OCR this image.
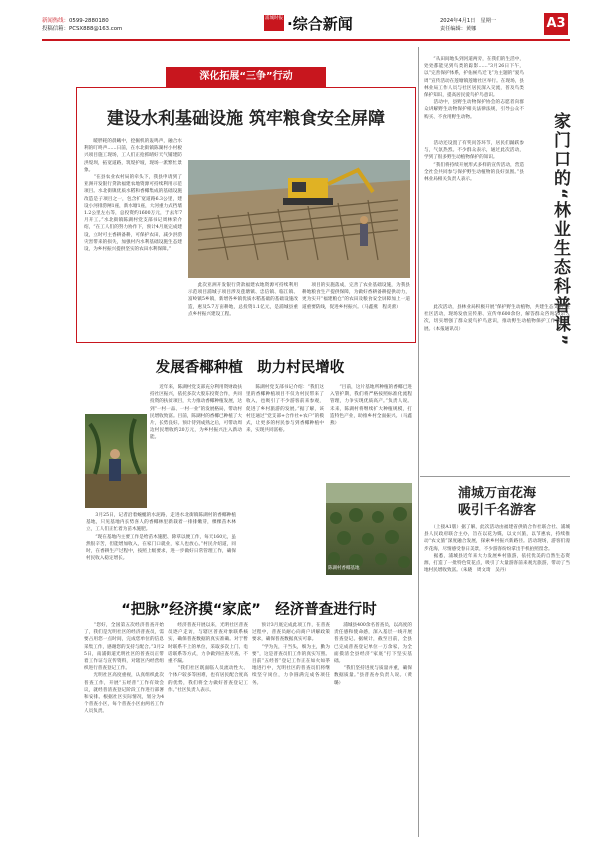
新闻热线：0599-2880180
投稿信箱：PCSX888@163.com
浦城时报 ·综合新闻	2024年4月1日　星期一
责任编辑：黄娜	A3
深化拓展“三争”行动
建设水利基础设施 筑牢粮食安全屏障
　　暖胖耗的晨曦中，挖掘机的轰鸣声，融合水利的叮咚声……日前，在水北街镇陈湖村小村板兴项目施工现场，工人们正抢抓晴好天气铺建防洪堤坝，拓宽道路，筑堤护坡，现场一派繁忙景象。
　　“在县农业农村局的牵头下，我县申请到了亚洲开发银行贷款福建农地资源可持续利用示范项目。水北街镇优质水稻和香椰集成的基础设施改造是子项目之一，包含扩宽道路6.3公里，建设小河排涝闸1座，新水塘1座，大河重力式挡墙1.2公里左右等，总投资约1600万元，于去年7月开工。”水北街镇陈湖村党支部书记周林荣介绍，“在工人们的努力协作下，预计4月底完成建设，立时可主香耕备耕，可保护农田，减少洪涝灾害带来的损失，加强村内水利基础设施生态建设，为乡村振兴提供坚实的农田水利保障。”
　　此次亚洲开发银行贷款福建农地资源可持续利用示范项目浦城子项目涉及莲塘镇、忠信镇、临江镇、富岭镇5乡镇，新增各乡镇优质水稻基础的基础设施改造，惠及5.7万亩耕地，总投资1.1亿元，是浦城县重点乡村振兴建设工程。
　　项目的实施落成，完善了农业基础设施，为我县耕地粮食生产提供保障，为做好香耕备耕提供动力，更为实开“福建粮仓”的农田及粮食安全屏障加上一道道重要防线，促进乡村振兴。（马鑫燕　程炎蕾）
发展香椰种植　助力村民增收
　　近年来，陈湖村党支部充分利用资财政扶持社区振兴，依托多次大股东投资合作，共同投资的扶贫项目，大力推动香椰种植发展，达到“一村一品、一村一业”的发展格局，带动村民增收致富。目前，陈湖村的香椰已种植了大片，长势良好。预计待到成熟之后，可带动周边村民增收约20万元，为乡村振兴注入新动能。
　　3月25日，记者沿着蜿蜒的水泥路，走进水北街镇陈湖村的香椰种植基地，只见基地内长势喜人的香椰林里新栽着一排排嫩芽，棵棵苗木林立，工人们正忙着为苗木施肥。
　　“现在基地内主要工作是给苗木施肥、除草以便工作，每天160元，虽然很辛苦，但能增加收入，在家门口就业，家人也放心。”村民介绍道，同时，在香耕生产过程中，按照上级要求，进一步做好日常管理工作，确保村民收入稳定增长。
　　陈湖村党支部书记介绍：“我们这里的香椰种植项目不仅为村民带来了收入，也吸引了不少游客前来参观，促进了乡村旅游的发展。”据了解，该村还通过“党支部+合作社+农户”的模式，让更多的村民参与到香椰种植中来，实现共同富裕。
　　“目前，这片基地所种植的香椰已进入管护期，我们将严格按照标准化流程管理，力争实现优质高产。”负责人说。未来，陈湖村将继续扩大种植规模，打造特色产业，助推乡村全面振兴。（马鑫燕）
陈湖村香椰基地
“把脉”经济摸“家底”　经济普查进行时
　　“您好，全国第五次经济普查开始了，我们是光明社区的经济普查员，需要占用您一点时间，完成您单位的信息采集工作，感谢您的支持与配合。”3月25日，南浦街道光明社区的普查员正带着工作证与宣传资料，对辖区内经营组织进行普查登记工作。
　　光明社区高度重视，认真组织此次普查工作，开展“五经普”工作有效会议，就经普清查登记阶段工作进行部署和安排。根据社区实际情况，划分为4个普查小区，每个普查小区由两名工作人员负责。
　　经济普查开展以来，光明社区普查员逐户走访，与辖区普查对象联系核实，确保普查数据的真实准确。对于暂时联系不上的单位，采取多次上门、电话联系等方式，力争做到应查尽查、不重不漏。
　　“我们社区既面临人员流动性大、个体户较多等困难，也有居民配合度高的优势，我们将全力做好普查登记工作。”社区负责人表示。
　　预计3月底完成此项工作，在普查过程中，普查员耐心向商户讲解政策要求，确保普查数据真实可靠。
　　“学为先，干当头，细为主，勤为要”，这是普查员们工作的真实写照。目前“五经普”登记工作正在如火如荼地进行中，光明社区的普查员们将继续坚守岗位，力争圆满完成各项任务。
　　浦城县400余名普查员，以高度的责任感和使命感，深入基层一线开展普查登记。据统计，截至目前，全县已完成普查登记单位一万余家，为全面摸清全县经济“家底”打下坚实基础。
　　“我们坚持进度与质量并重，确保数据质量。”县普查办负责人说。（黄璐）
　　“从田间地头到河道两旁，在我们的生活中，处处都能见到鸟类的踪影……”3月26日下午，以“完善保护体系，护佑候鸟迁飞”为主题的“爱鸟周”宣传活动在莲塘镇莲塘社区举行。在现场，县林业局工作人员与社区居民深入交流，普及鸟类保护知识，提高居民爱鸟护鸟意识。
　　活动中，县野生动物保护协会的志愿者向群众讲解野生动物保护相关法律法规，引导公众不购买、不食用野生动物。	家门口的“林业生态科普课”
　　活动还设置了有奖问答环节，居民们踊跃参与，气氛热烈。不少群众表示，通过此次活动，学到了很多野生动植物保护的知识。
　　“我们将持续开展形式多样的宣传活动，营造全社会共同参与保护野生动植物的良好氛围。”县林业局相关负责人表示。
　　此次活动，县林业局积极开展“保护野生动植物，共建生态文明”进社区活动，现场发放宣传册、宣传单600余份，解答群众咨询50余人次，切实增强了群众爱鸟护鸟意识，推动野生动植物保护工作深入开展。（本报通讯员）
浦城万亩花海
吸引千名游客
　　（上接A1版）据了解，此次活动由福建省供销合作社联合社、浦城县人民政府联合主办，旨在以花为媒，以文兴旅，以节惠农，持续推动“农文旅”深度融合发展，探索乡村振兴新路径。活动现场，游客们漫步花海，尽情感受春日美景，不少游客纷纷拿出手机拍照留念。
　　据悉，浦城县近年来大力发展乡村旅游，依托优美的自然生态资源，打造了一批特色赏花点，吸引了大量游客前来观光旅游，带动了当地村民增收致富。（朱晓　周文琦　吴丹）
